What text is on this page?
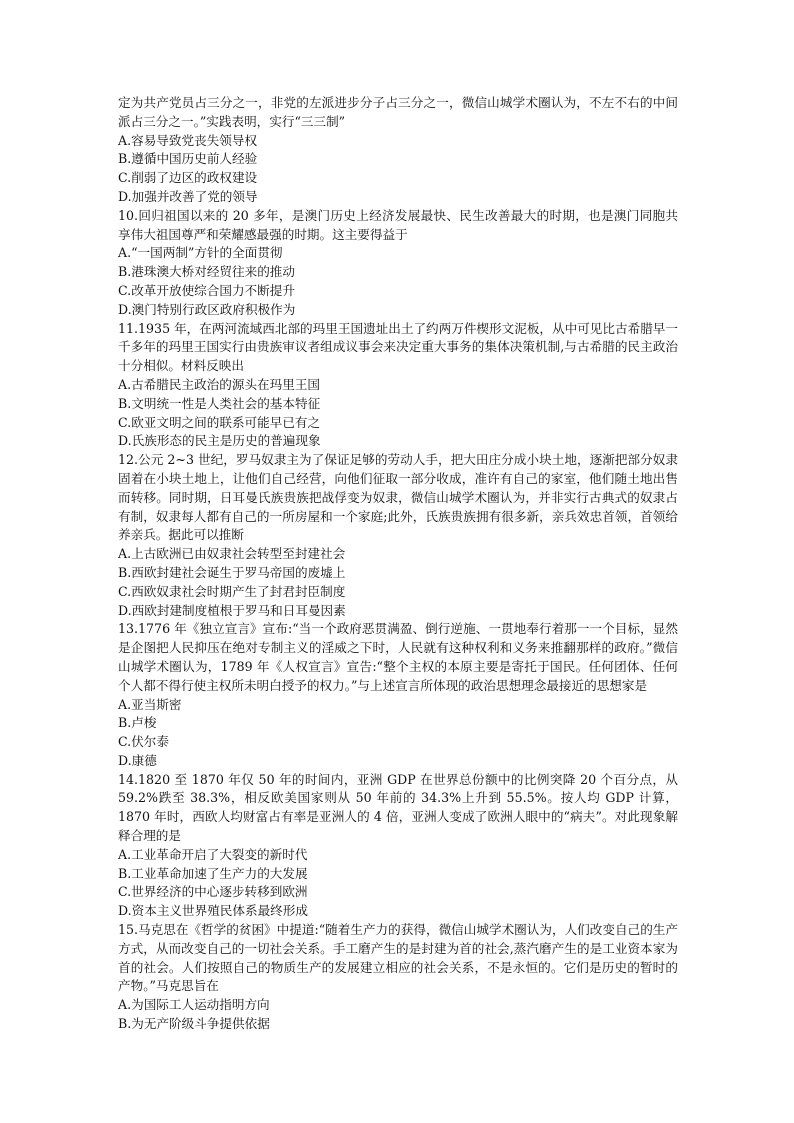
定为共产党员占三分之一，非党的左派进步分子占三分之一，微信山城学术圈认为，不左不右的中间派占三分之一。”实践表明，实行“三三制”
A.容易导致党丧失领导权
B.遵循中国历史前人经验
C.削弱了边区的政权建设
D.加强并改善了党的领导
10.回归祖国以来的 20 多年，是澳门历史上经济发展最快、民生改善最大的时期，也是澳门同胞共享伟大祖国尊严和荣耀感最强的时期。这主要得益于
A.“一国两制”方针的全面贯彻
B.港珠澳大桥对经贸往来的推动
C.改革开放使综合国力不断提升
D.澳门特别行政区政府积极作为
11.1935 年，在两河流域西北部的玛里王国遗址出土了约两万件楔形文泥板，从中可见比古希腊早一千多年的玛里王国实行由贵族审议者组成议事会来决定重大事务的集体决策机制,与古希腊的民主政治十分相似。材料反映出
A.古希腊民主政治的源头在玛里王国
B.文明统一性是人类社会的基本特征
C.欧亚文明之间的联系可能早已有之
D.氏族形态的民主是历史的普遍现象
12.公元 2~3 世纪，罗马奴隶主为了保证足够的劳动人手，把大田庄分成小块土地，逐渐把部分奴隶固着在小块土地上，让他们自己经营，向他们征取一部分收成，准许有自己的家室，他们随土地出售而转移。同时期，日耳曼氏族贵族把战俘变为奴隶，微信山城学术圈认为，并非实行古典式的奴隶占有制，奴隶每人都有自己的一所房屋和一个家庭;此外，氏族贵族拥有很多新，亲兵效忠首领，首领给养亲兵。据此可以推断
A.上古欧洲已由奴隶社会转型至封建社会
B.西欧封建社会诞生于罗马帝国的废墟上
C.西欧奴隶社会时期产生了封君封臣制度
D.西欧封建制度植根于罗马和日耳曼因素
13.1776 年《独立宣言》宣布:“当一个政府恶贯满盈、倒行逆施、一贯地奉行着那一一个目标，显然是企图把人民抑压在绝对专制主义的淫威之下时，人民就有这种权利和义务来推翻那样的政府。”微信山城学术圈认为，1789 年《人权宣言》宣告:“整个主权的本原主要是寄托于国民。任何团体、任何个人都不得行使主权所未明白授予的权力。”与上述宣言所体现的政治思想理念最接近的思想家是
A.亚当斯密
B.卢梭
C.伏尔泰
D.康德
14.1820 至 1870 年仅 50 年的时间内，亚洲 GDP 在世界总份额中的比例突降 20 个百分点，从 59.2%跌至 38.3%，相反欧美国家则从 50 年前的 34.3%上升到 55.5%。按人均 GDP 计算，1870 年时，西欧人均财富占有率是亚洲人的 4 倍，亚洲人变成了欧洲人眼中的“病夫”。对此现象解释合理的是
A.工业革命开启了大裂变的新时代
B.工业革命加速了生产力的大发展
C.世界经济的中心逐步转移到欧洲
D.资本主义世界殖民体系最终形成
15.马克思在《哲学的贫困》中提道:“随着生产力的获得，微信山城学术圈认为，人们改变自己的生产方式，从而改变自己的一切社会关系。手工磨产生的是封建为首的社会,蒸汽磨产生的是工业资本家为首的社会。人们按照自己的物质生产的发展建立相应的社会关系，不是永恒的。它们是历史的暂时的产物。”马克思旨在
A.为国际工人运动指明方向
B.为无产阶级斗争提供依据
